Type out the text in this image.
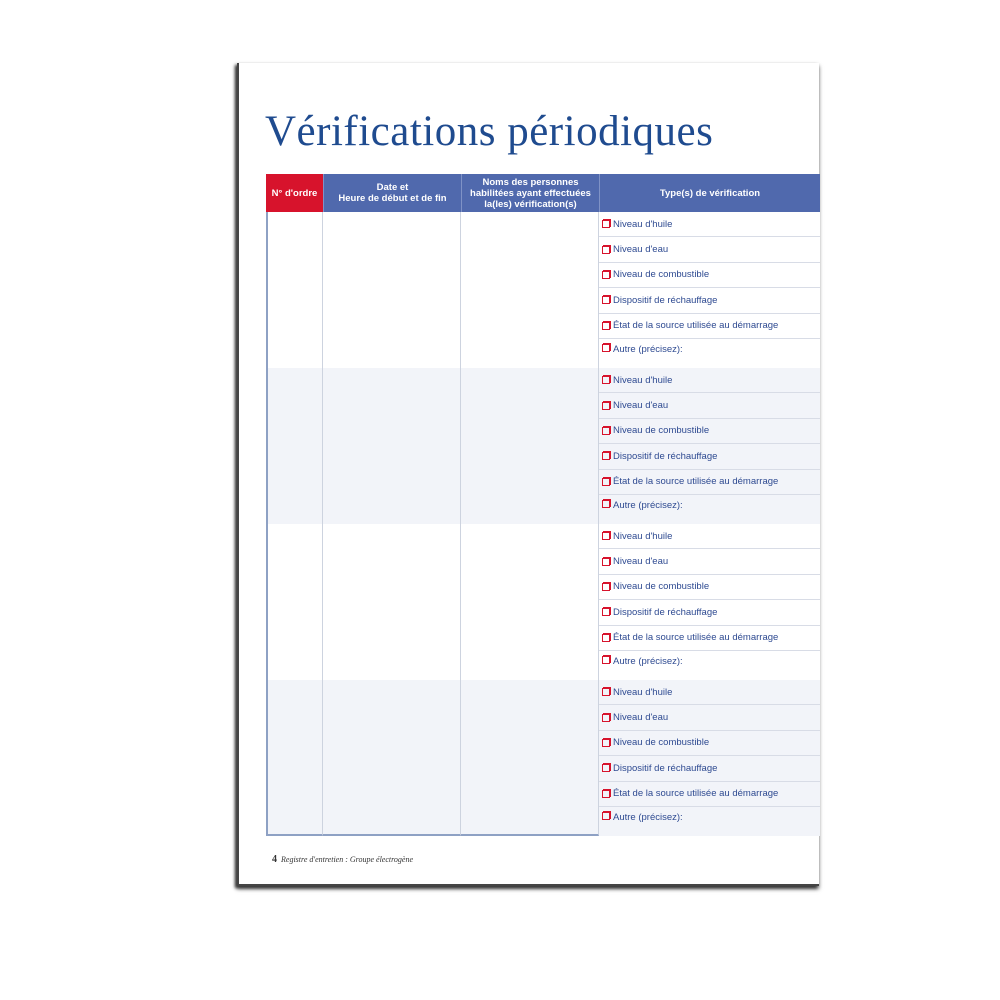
Vérifications périodiques
N° d'ordre	Date et
Heure de début et de fin
Noms des personnes habilitées ayant effectuées la(les) vérification(s)
Type(s) de vérification
Niveau d'huile
Niveau d'eau
Niveau de combustible
Dispositif de réchauffage
État de la source utilisée au démarrage
Autre (précisez):
Niveau d'huile
Niveau d'eau
Niveau de combustible
Dispositif de réchauffage
État de la source utilisée au démarrage
Autre (précisez):
Niveau d'huile
Niveau d'eau
Niveau de combustible
Dispositif de réchauffage
État de la source utilisée au démarrage
Autre (précisez):
Niveau d'huile
Niveau d'eau
Niveau de combustible
Dispositif de réchauffage
État de la source utilisée au démarrage
Autre (précisez):
4 Registre d'entretien : Groupe électrogène
